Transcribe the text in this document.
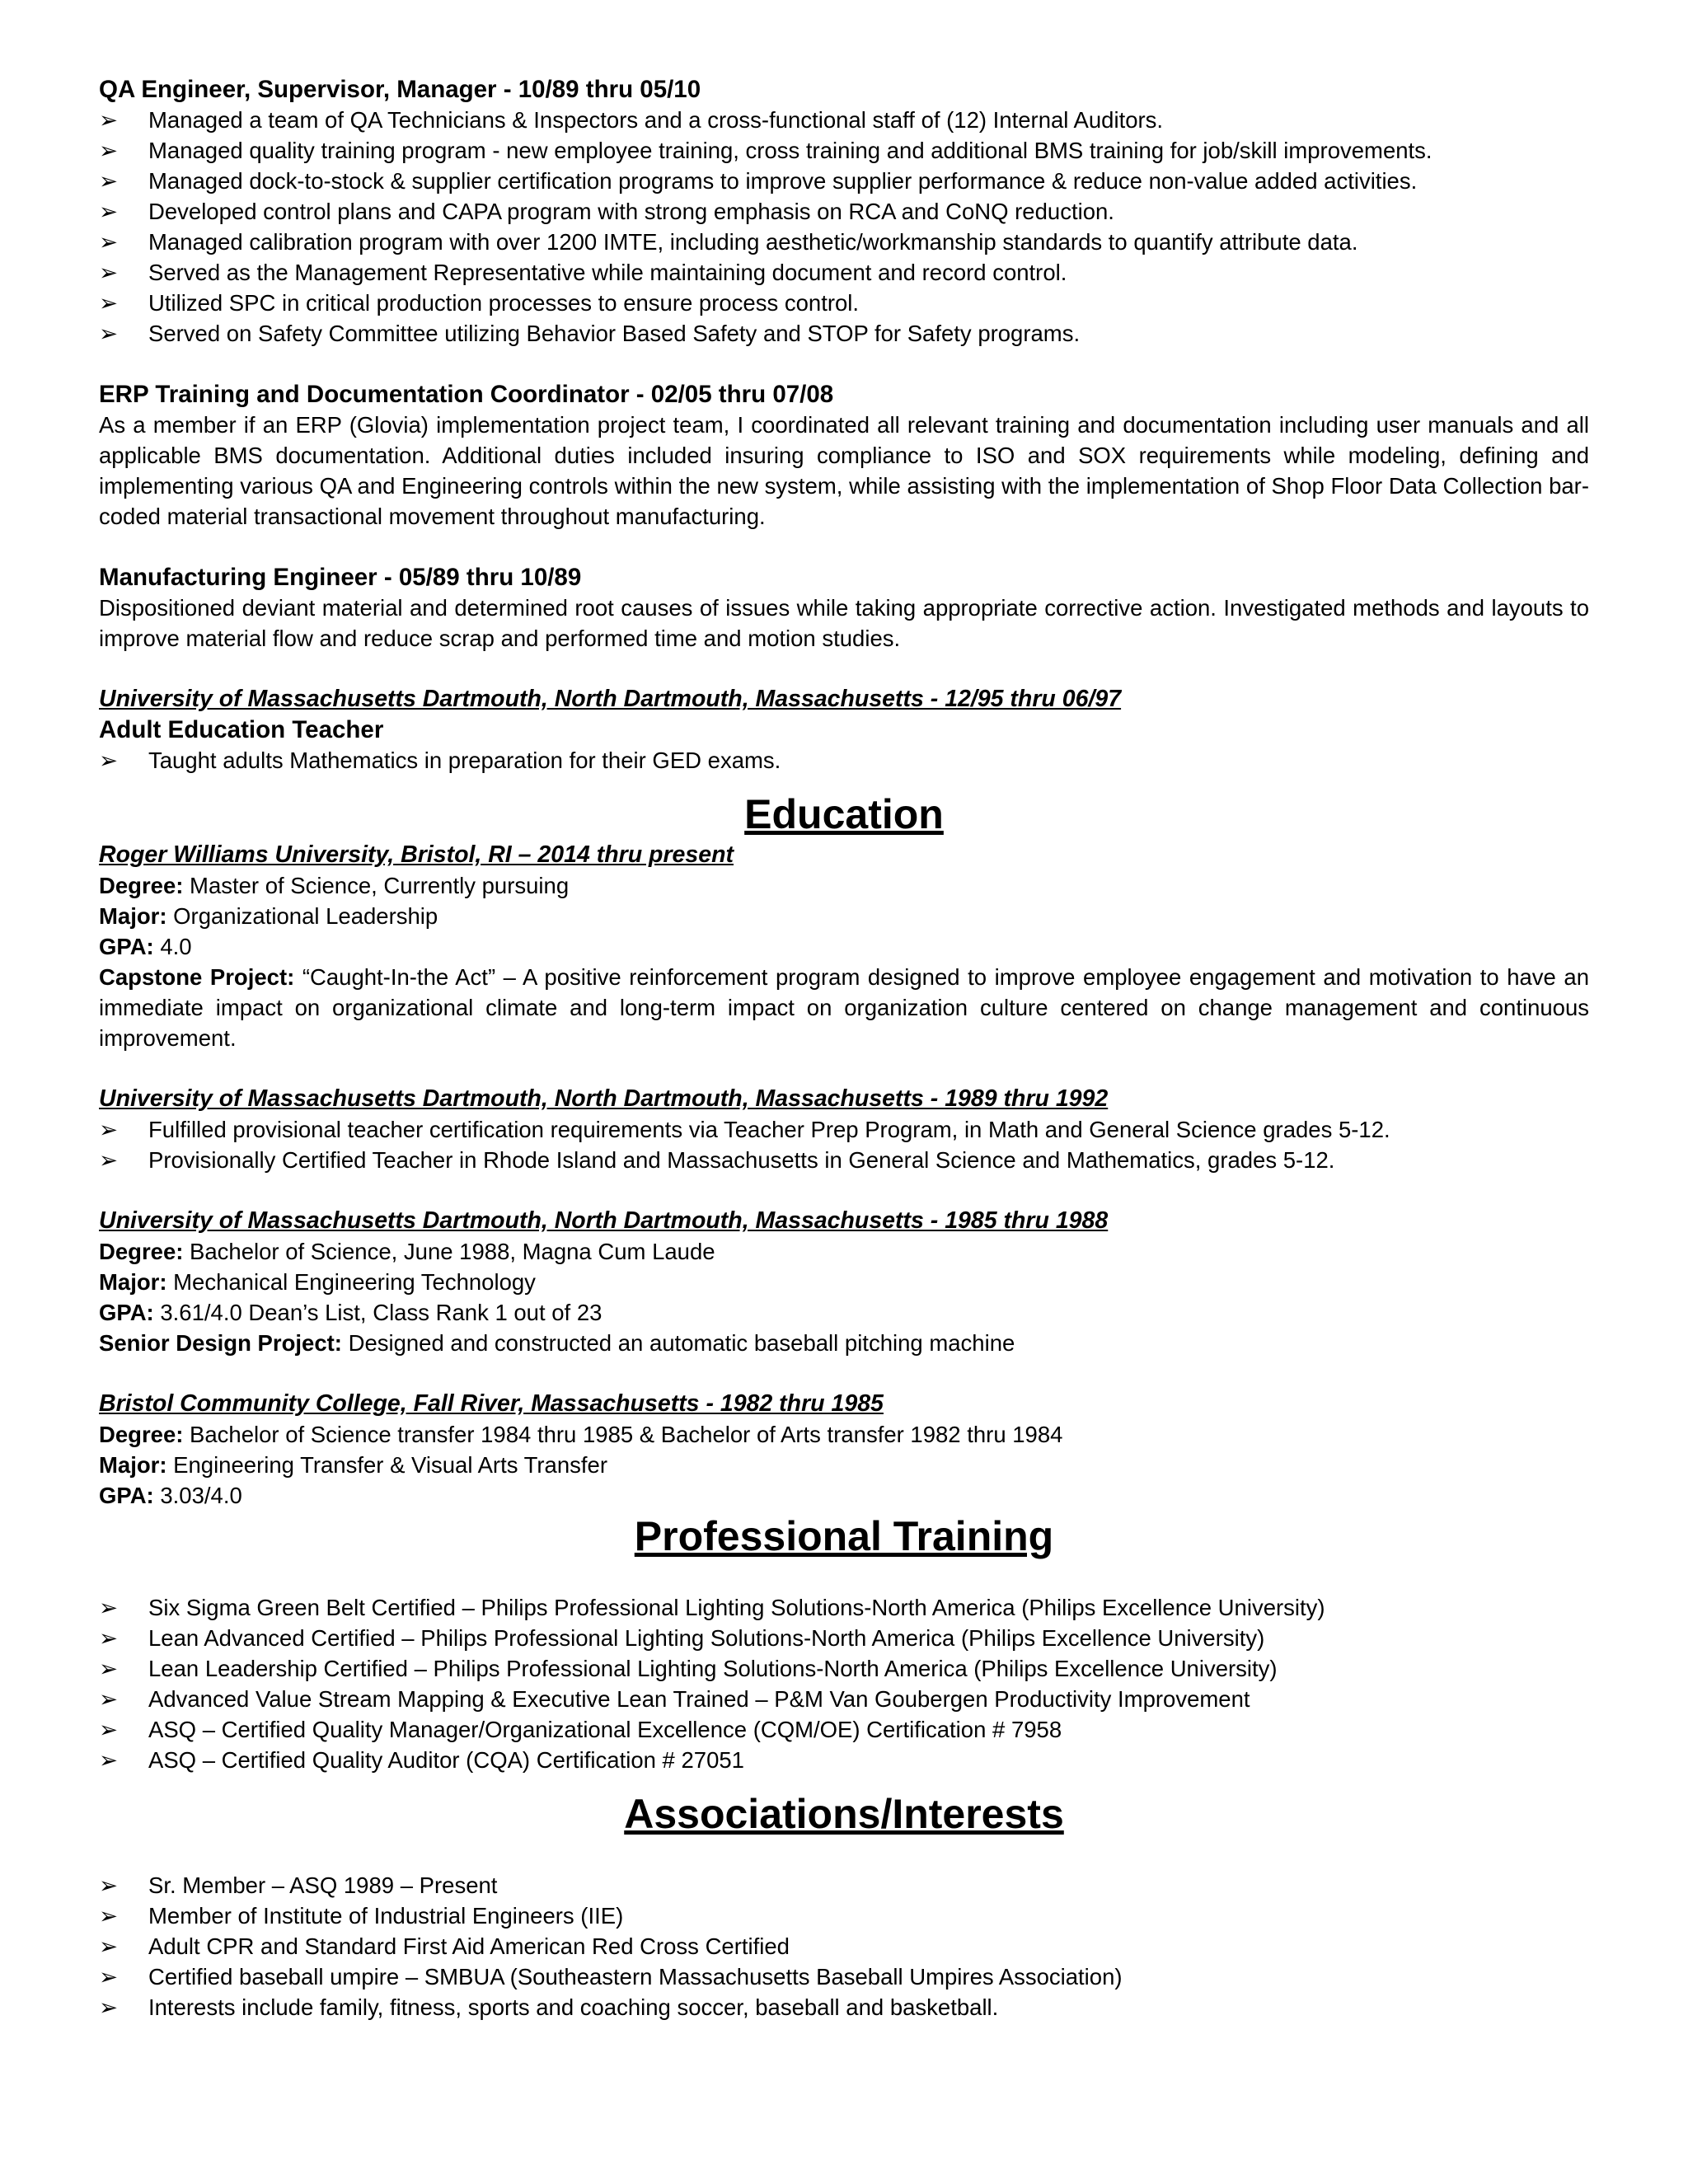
QA Engineer, Supervisor, Manager - 10/89 thru 05/10

➢	Managed a team of QA Technicians & Inspectors and a cross-functional staff of (12) Internal Auditors.
➢	Managed quality training program - new employee training, cross training and additional BMS training for job/skill improvements.
➢	Managed dock-to-stock & supplier certification programs to improve supplier performance & reduce non-value added activities.
➢	Developed control plans and CAPA program with strong emphasis on RCA and CoNQ reduction.
➢	Managed calibration program with over 1200 IMTE, including aesthetic/workmanship standards to quantify attribute data.
➢	Served as the Management Representative while maintaining document and record control.
➢	Utilized SPC in critical production processes to ensure process control.
➢	Served on Safety Committee utilizing Behavior Based Safety and STOP for Safety programs.

ERP Training and Documentation Coordinator - 02/05 thru 07/08

As a member if an ERP (Glovia) implementation project team, I coordinated all relevant training and documentation including user manuals and all applicable BMS documentation. Additional duties included insuring compliance to ISO and SOX requirements while modeling, defining and implementing various QA and Engineering controls within the new system, while assisting with the implementation of Shop Floor Data Collection bar-coded material transactional movement throughout manufacturing.

Manufacturing Engineer - 05/89 thru 10/89

Dispositioned deviant material and determined root causes of issues while taking appropriate corrective action. Investigated methods and layouts to improve material flow and reduce scrap and performed time and motion studies.

University of Massachusetts Dartmouth, North Dartmouth, Massachusetts - 12/95 thru 06/97

Adult Education Teacher

➢	Taught adults Mathematics in preparation for their GED exams.

Education

Roger Williams University, Bristol, RI – 2014 thru present

Degree: Master of Science, Currently pursuing

Major: Organizational Leadership

GPA: 4.0

Capstone Project: “Caught-In-the Act” – A positive reinforcement program designed to improve employee engagement and motivation to have an immediate impact on organizational climate and long-term impact on organization culture centered on change management and continuous improvement.

University of Massachusetts Dartmouth, North Dartmouth, Massachusetts - 1989 thru 1992

➢	Fulfilled provisional teacher certification requirements via Teacher Prep Program, in Math and General Science grades 5-12.
➢	Provisionally Certified Teacher in Rhode Island and Massachusetts in General Science and Mathematics, grades 5-12.

University of Massachusetts Dartmouth, North Dartmouth, Massachusetts - 1985 thru 1988

Degree: Bachelor of Science, June 1988, Magna Cum Laude

Major: Mechanical Engineering Technology

GPA: 3.61/4.0 Dean’s List, Class Rank 1 out of 23

Senior Design Project: Designed and constructed an automatic baseball pitching machine

Bristol Community College, Fall River, Massachusetts - 1982 thru 1985

Degree: Bachelor of Science transfer 1984 thru 1985 & Bachelor of Arts transfer 1982 thru 1984

Major: Engineering Transfer & Visual Arts Transfer

GPA: 3.03/4.0

Professional Training

➢	Six Sigma Green Belt Certified – Philips Professional Lighting Solutions-North America (Philips Excellence University)
➢	Lean Advanced Certified – Philips Professional Lighting Solutions-North America (Philips Excellence University)
➢	Lean Leadership Certified – Philips Professional Lighting Solutions-North America (Philips Excellence University)
➢	Advanced Value Stream Mapping & Executive Lean Trained – P&M Van Goubergen Productivity Improvement
➢	ASQ – Certified Quality Manager/Organizational Excellence (CQM/OE) Certification # 7958
➢	ASQ – Certified Quality Auditor (CQA) Certification # 27051

Associations/Interests

➢	Sr. Member – ASQ 1989 – Present
➢	Member of Institute of Industrial Engineers (IIE)
➢	Adult CPR and Standard First Aid American Red Cross Certified
➢	Certified baseball umpire – SMBUA (Southeastern Massachusetts Baseball Umpires Association)
➢	Interests include family, fitness, sports and coaching soccer, baseball and basketball.
